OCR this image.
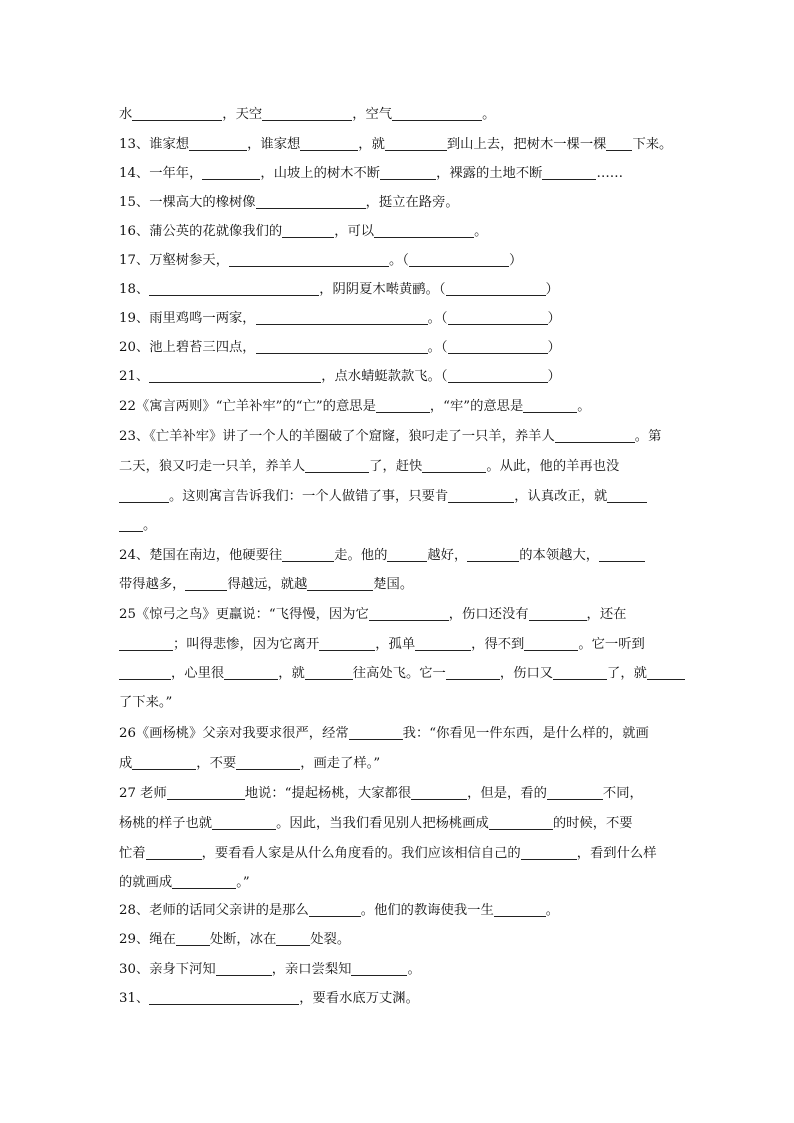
水	，天空	，空气	。
13、谁家想	，谁家想	，就	到山上去，把树木一棵一棵 下来。
14、一年年，	，山坡上的树木不断	，裸露的土地不断	……
15、一棵高大的橡树像	，挺立在路旁。
16、蒲公英的花就像我们的	，可以	。
17、万壑树参天，	。（	）
18、	，阴阴夏木啭黄鹂。（	）
19、雨里鸡鸣一两家，	。（	）
20、池上碧苔三四点，	。（	）
21、	，点水蜻蜓款款飞。（	）
22《寓言两则》“亡羊补牢”的“亡”的意思是	，“牢”的意思是	。
23、《亡羊补牢》讲了一个人的羊圈破了个窟窿，狼叼走了一只羊，养羊人	。第
二天，狼又叼走一只羊，养羊人	了，赶快	。从此，他的羊再也没
。这则寓言告诉我们：一个人做错了事，只要肯	，认真改正，就
。
24、楚国在南边，他硬要往	走。他的	越好，	的本领越大，
带得越多，	得越远，就越	楚国。
25《惊弓之鸟》更羸说：“飞得慢，因为它	，伤口还没有	，还在
；叫得悲惨，因为它离开	，孤单	，得不到	。它一听到
，心里很	，就	往高处飞。它一	，伤口又	了，就
了下来。”
26《画杨桃》父亲对我要求很严，经常	我：“你看见一件东西，是什么样的，就画
成	，不要	，画走了样。”
27 老师	地说：“提起杨桃，大家都很	，但是，看的	不同，
杨桃的样子也就	。因此，当我们看见别人把杨桃画成	的时候，不要
忙着	，要看看人家是从什么角度看的。我们应该相信自己的	，看到什么样
的就画成	。”
28、老师的话同父亲讲的是那么	。他们的教诲使我一生	。
29、绳在	处断，冰在	处裂。
30、亲身下河知	，亲口尝梨知	。
31、	，要看水底万丈渊。
